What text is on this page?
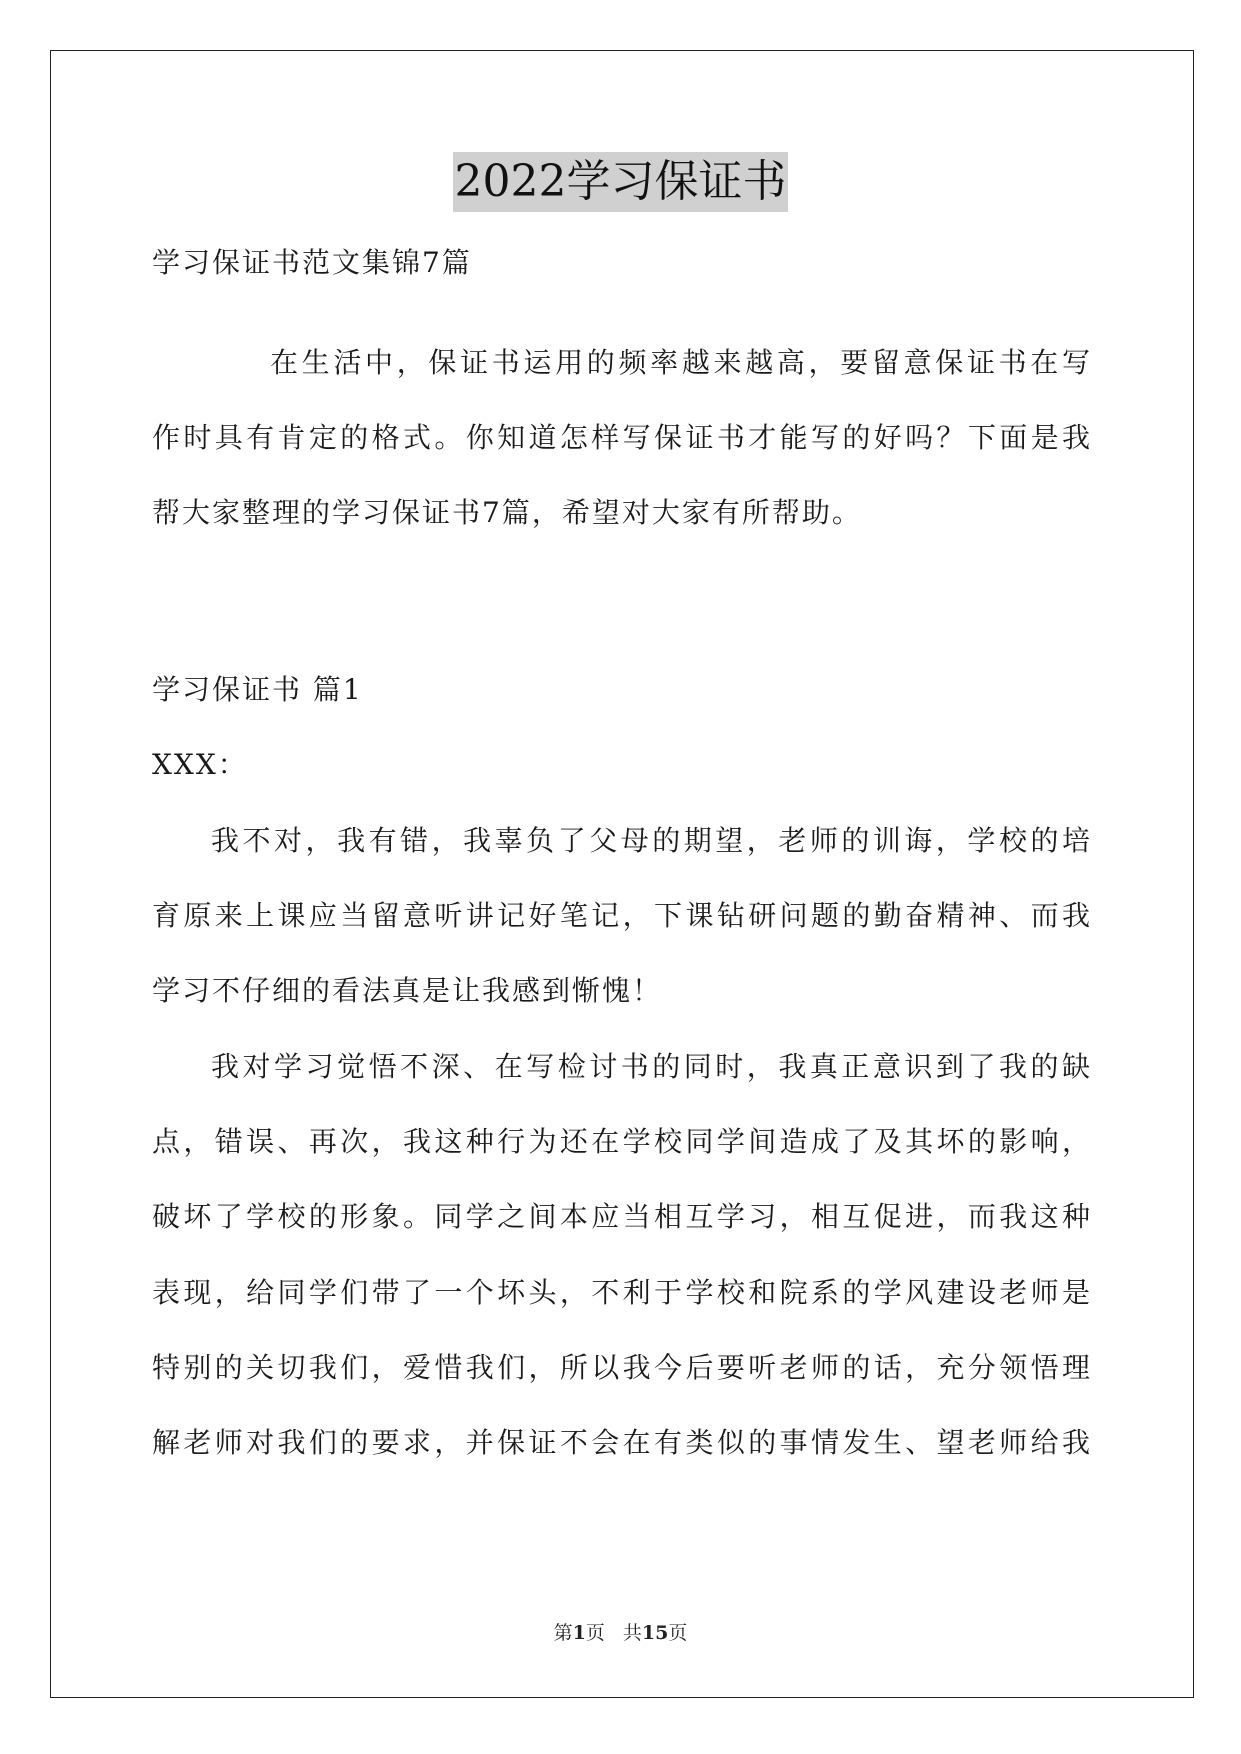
2022学习保证书
学习保证书范文集锦7篇
在生活中，保证书运用的频率越来越高，要留意保证书在写
作时具有肯定的格式。你知道怎样写保证书才能写的好吗？下面是我
帮大家整理的学习保证书7篇，希望对大家有所帮助。
学习保证书 篇1
XXX：
我不对，我有错，我辜负了父母的期望，老师的训诲，学校的培
育原来上课应当留意听讲记好笔记，下课钻研问题的勤奋精神、而我
学习不仔细的看法真是让我感到惭愧！
我对学习觉悟不深、在写检讨书的同时，我真正意识到了我的缺
点，错误、再次，我这种行为还在学校同学间造成了及其坏的影响，
破坏了学校的形象。同学之间本应当相互学习，相互促进，而我这种
表现，给同学们带了一个坏头，不利于学校和院系的学风建设老师是
特别的关切我们，爱惜我们，所以我今后要听老师的话，充分领悟理
解老师对我们的要求，并保证不会在有类似的事情发生、望老师给我
第1页 共15页
